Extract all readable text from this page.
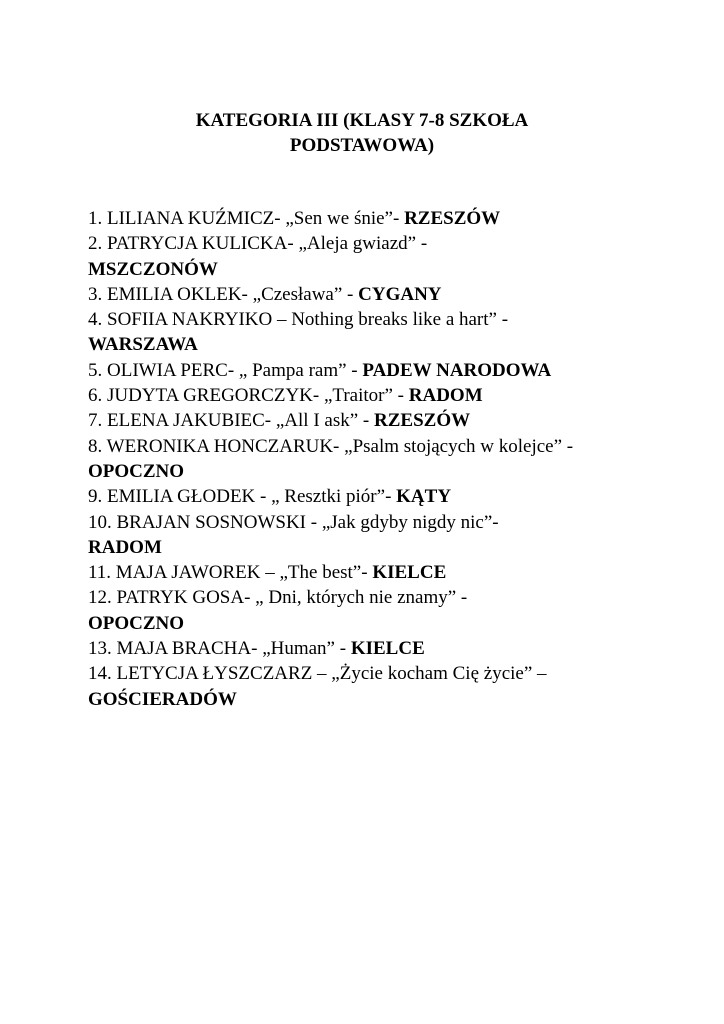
KATEGORIA III (KLASY 7-8 SZKOŁA
PODSTAWOWA)

1. LILIANA KUŹMICZ- „Sen we śnie”- RZESZÓW

2. PATRYCJA KULICKA- „Aleja gwiazd” -
MSZCZONÓW

3. EMILIA OKLEK- „Czesława” - CYGANY

4. SOFIIA NAKRYIKO – Nothing breaks like a hart” -
WARSZAWA

5. OLIWIA PERC- „ Pampa ram” - PADEW NARODOWA

6. JUDYTA GREGORCZYK- „Traitor” - RADOM

7. ELENA JAKUBIEC- „All I ask” - RZESZÓW

8. WERONIKA HONCZARUK- „Psalm stojących w kolejce” - OPOCZNO

9. EMILIA GŁODEK - „ Resztki piór”- KĄTY

10. BRAJAN SOSNOWSKI - „Jak gdyby nigdy nic”-
RADOM

11. MAJA JAWOREK – „The best”- KIELCE

12. PATRYK GOSA- „ Dni, których nie znamy” -
OPOCZNO

13. MAJA BRACHA- „Human” - KIELCE

14. LETYCJA ŁYSZCZARZ – „Życie kocham Cię życie” –
GOŚCIERADÓW
